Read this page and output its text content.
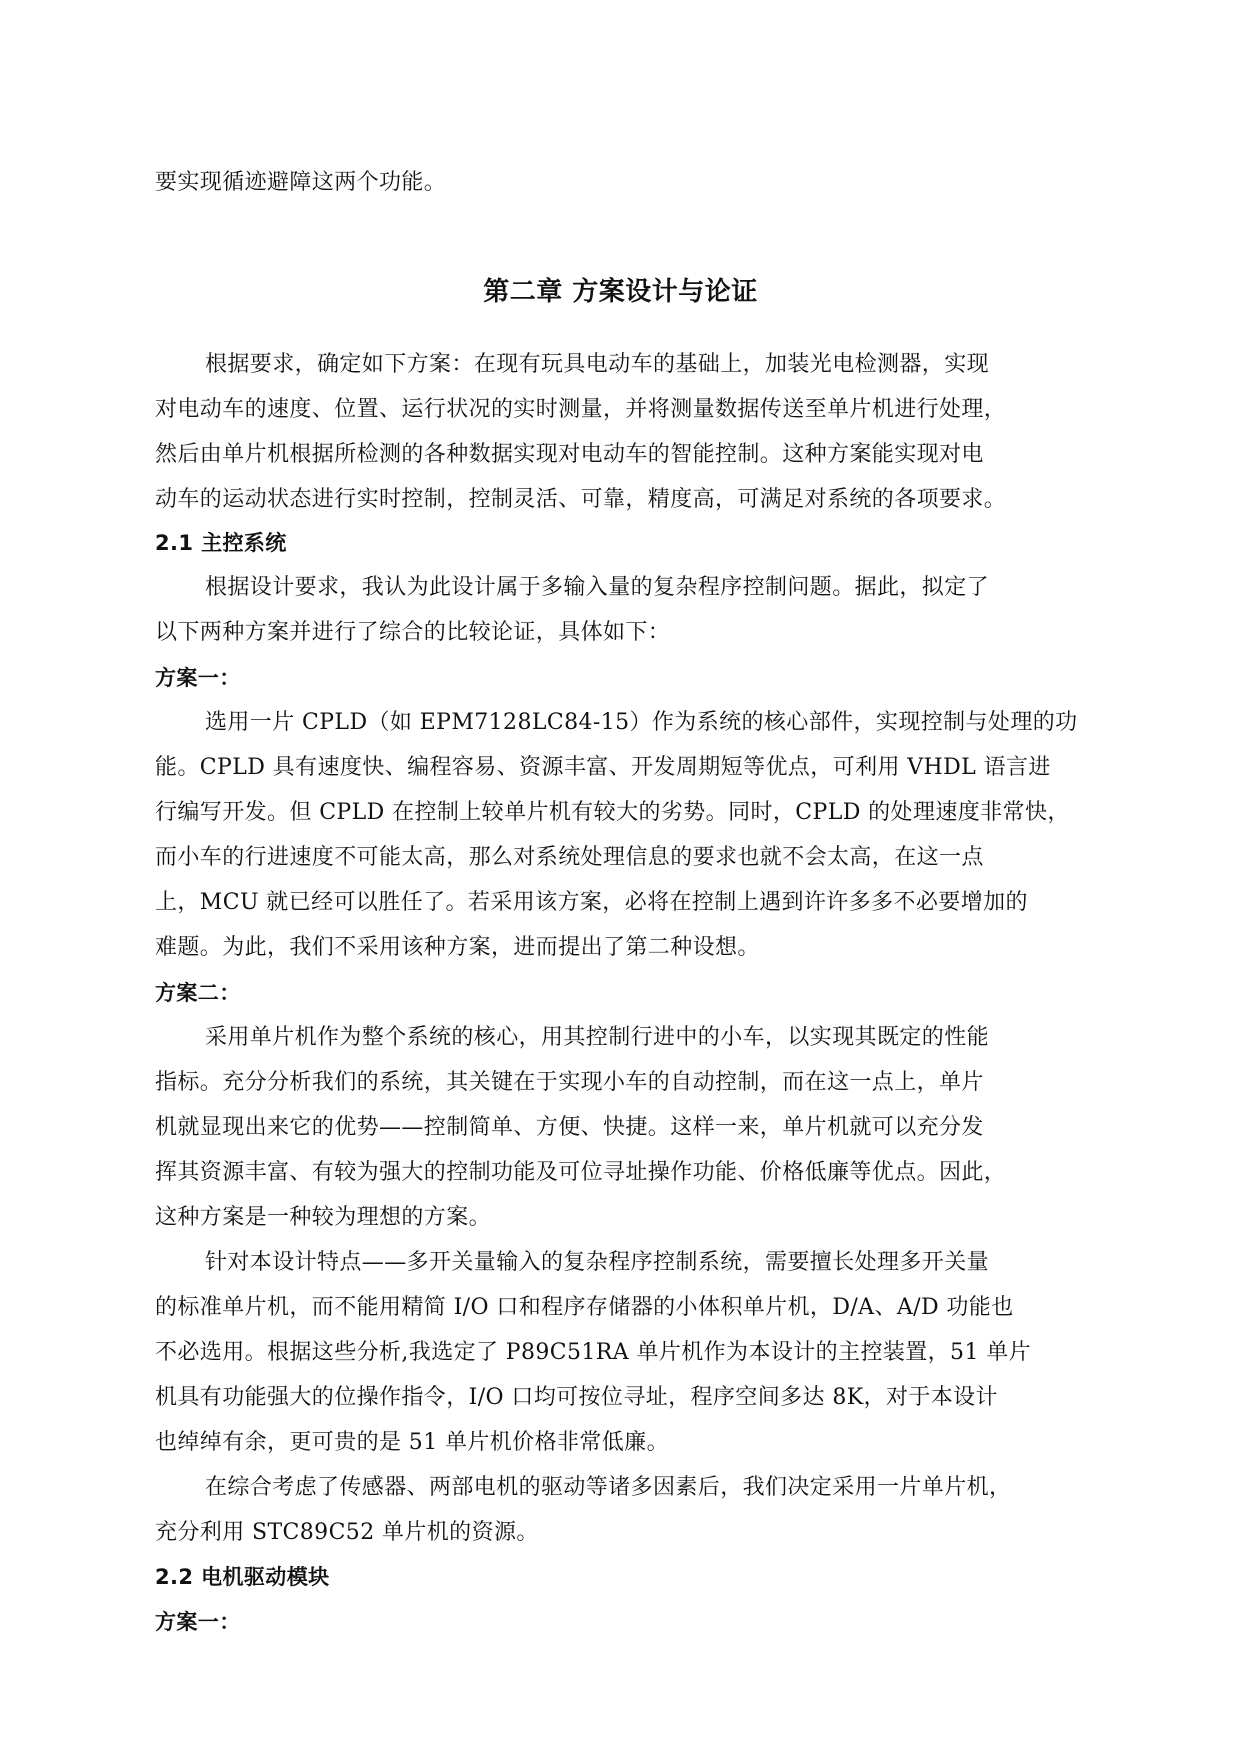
要实现循迹避障这两个功能。
第二章 方案设计与论证
根据要求，确定如下方案：在现有玩具电动车的基础上，加装光电检测器，实现
对电动车的速度、位置、运行状况的实时测量，并将测量数据传送至单片机进行处理，
然后由单片机根据所检测的各种数据实现对电动车的智能控制。这种方案能实现对电
动车的运动状态进行实时控制，控制灵活、可靠，精度高，可满足对系统的各项要求。
2.1 主控系统
根据设计要求，我认为此设计属于多输入量的复杂程序控制问题。据此，拟定了
以下两种方案并进行了综合的比较论证，具体如下：
方案一：
选用一片 CPLD（如 EPM7128LC84-15）作为系统的核心部件，实现控制与处理的功
能。CPLD 具有速度快、编程容易、资源丰富、开发周期短等优点，可利用 VHDL 语言进
行编写开发。但 CPLD 在控制上较单片机有较大的劣势。同时，CPLD 的处理速度非常快，
而小车的行进速度不可能太高，那么对系统处理信息的要求也就不会太高，在这一点
上，MCU 就已经可以胜任了。若采用该方案，必将在控制上遇到许许多多不必要增加的
难题。为此，我们不采用该种方案，进而提出了第二种设想。
方案二：
采用单片机作为整个系统的核心，用其控制行进中的小车，以实现其既定的性能
指标。充分分析我们的系统，其关键在于实现小车的自动控制，而在这一点上，单片
机就显现出来它的优势——控制简单、方便、快捷。这样一来，单片机就可以充分发
挥其资源丰富、有较为强大的控制功能及可位寻址操作功能、价格低廉等优点。因此，
这种方案是一种较为理想的方案。
针对本设计特点——多开关量输入的复杂程序控制系统，需要擅长处理多开关量
的标准单片机，而不能用精简 I/O 口和程序存储器的小体积单片机，D/A、A/D 功能也
不必选用。根据这些分析,我选定了 P89C51RA 单片机作为本设计的主控装置，51 单片
机具有功能强大的位操作指令，I/O 口均可按位寻址，程序空间多达 8K，对于本设计
也绰绰有余，更可贵的是 51 单片机价格非常低廉。
在综合考虑了传感器、两部电机的驱动等诸多因素后，我们决定采用一片单片机，
充分利用 STC89C52 单片机的资源。
2.2 电机驱动模块
方案一：
